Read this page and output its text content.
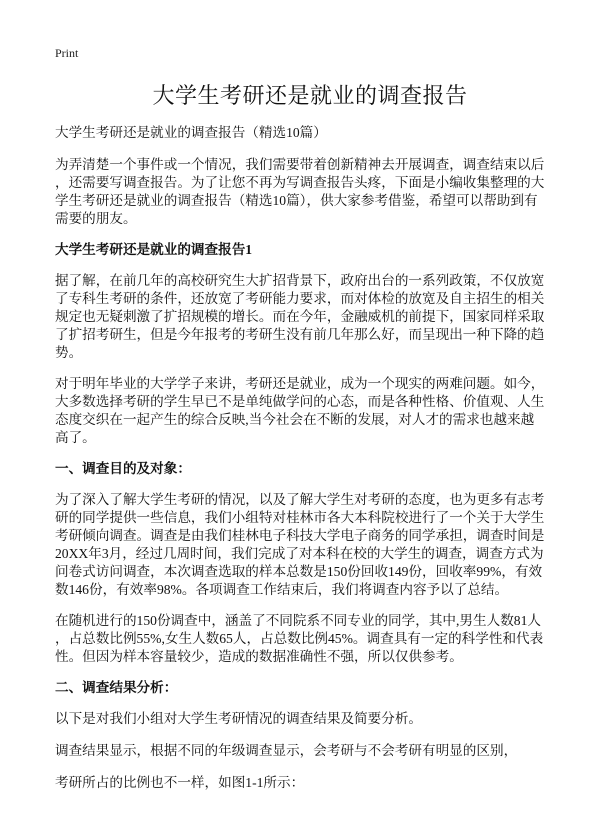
Print
大学生考研还是就业的调查报告
大学生考研还是就业的调查报告（精选10篇）
为弄清楚一个事件或一个情况，我们需要带着创新精神去开展调查，调查结束以后
，还需要写调查报告。为了让您不再为写调查报告头疼，下面是小编收集整理的大
学生考研还是就业的调查报告（精选10篇），供大家参考借鉴，希望可以帮助到有
需要的朋友。
大学生考研还是就业的调查报告1
据了解，在前几年的高校研究生大扩招背景下，政府出台的一系列政策，不仅放宽
了专科生考研的条件，还放宽了考研能力要求，而对体检的放宽及自主招生的相关
规定也无疑刺激了扩招规模的增长。而在今年，金融威机的前提下，国家同样采取
了扩招考研生，但是今年报考的考研生没有前几年那么好，而呈现出一种下降的趋
势。
对于明年毕业的大学学子来讲，考研还是就业，成为一个现实的两难问题。如今，
大多数选择考研的学生早已不是单纯做学问的心态，而是各种性格、价值观、人生
态度交织在一起产生的综合反映,当今社会在不断的发展，对人才的需求也越来越
高了。
一、调查目的及对象：
为了深入了解大学生考研的情况，以及了解大学生对考研的态度，也为更多有志考
研的同学提供一些信息，我们小组特对桂林市各大本科院校进行了一个关于大学生
考研倾向调查。调查是由我们桂林电子科技大学电子商务的同学承担，调查时间是
20XX年3月，经过几周时间，我们完成了对本科在校的大学生的调查，调查方式为
问卷式访问调查，本次调查选取的样本总数是150份回收149份，回收率99%，有效
数146份，有效率98%。各项调查工作结束后，我们将调查内容予以了总结。
在随机进行的150份调查中，涵盖了不同院系不同专业的同学，其中,男生人数81人
，占总数比例55%,女生人数65人，占总数比例45%。调查具有一定的科学性和代表
性。但因为样本容量较少，造成的数据准确性不强，所以仅供参考。
二、调查结果分析：
以下是对我们小组对大学生考研情况的调查结果及简要分析。
调查结果显示，根据不同的年级调查显示，会考研与不会考研有明显的区别，
考研所占的比例也不一样，如图1-1所示：
